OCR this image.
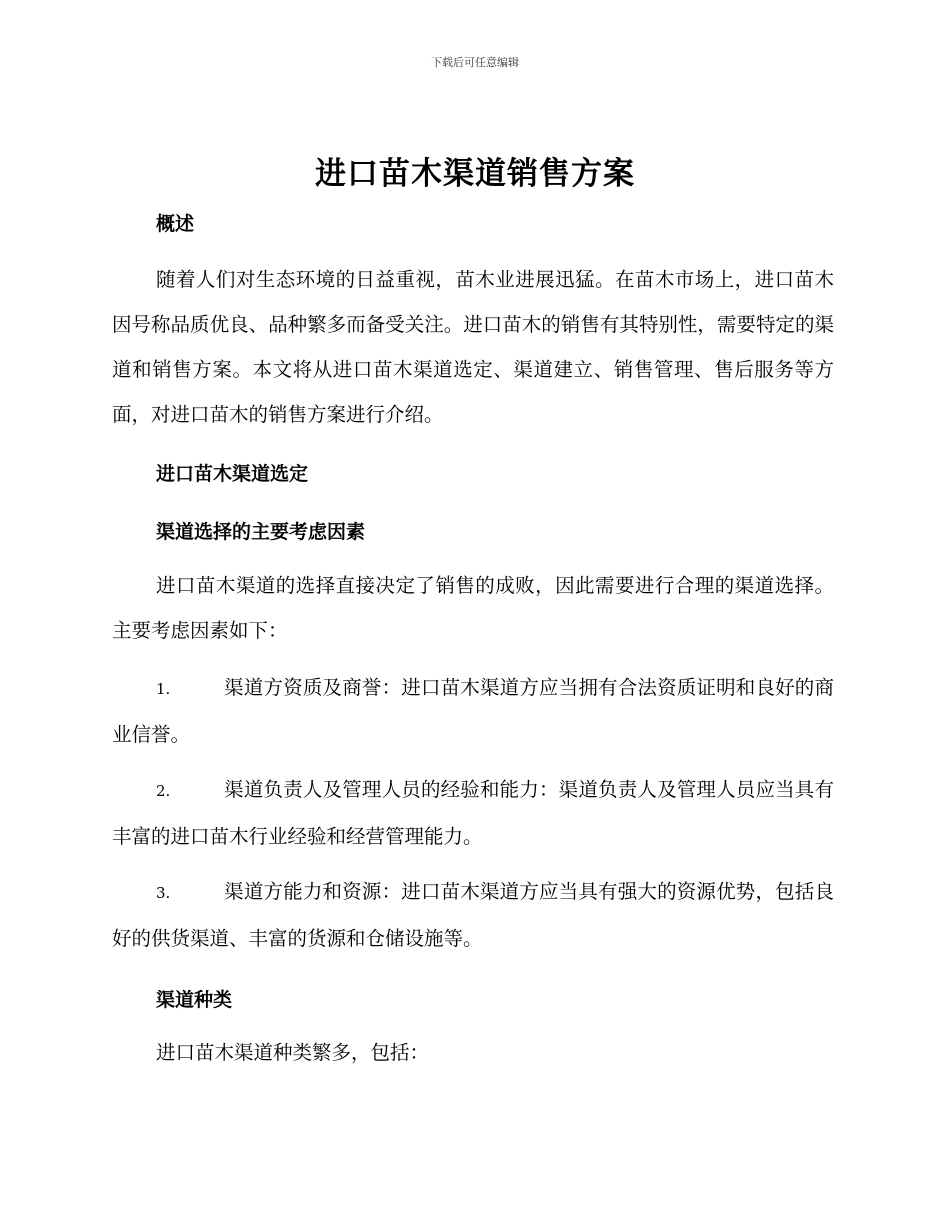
下载后可任意编辑
进口苗木渠道销售方案
概述
随着人们对生态环境的日益重视，苗木业进展迅猛。在苗木市场上，进口苗木因号称品质优良、品种繁多而备受关注。进口苗木的销售有其特别性，需要特定的渠道和销售方案。本文将从进口苗木渠道选定、渠道建立、销售管理、售后服务等方面，对进口苗木的销售方案进行介绍。
进口苗木渠道选定
渠道选择的主要考虑因素
进口苗木渠道的选择直接决定了销售的成败，因此需要进行合理的渠道选择。主要考虑因素如下：
1.	渠道方资质及商誉：进口苗木渠道方应当拥有合法资质证明和良好的商业信誉。
2.	渠道负责人及管理人员的经验和能力：渠道负责人及管理人员应当具有丰富的进口苗木行业经验和经营管理能力。
3.	渠道方能力和资源：进口苗木渠道方应当具有强大的资源优势，包括良好的供货渠道、丰富的货源和仓储设施等。
渠道种类
进口苗木渠道种类繁多，包括：
